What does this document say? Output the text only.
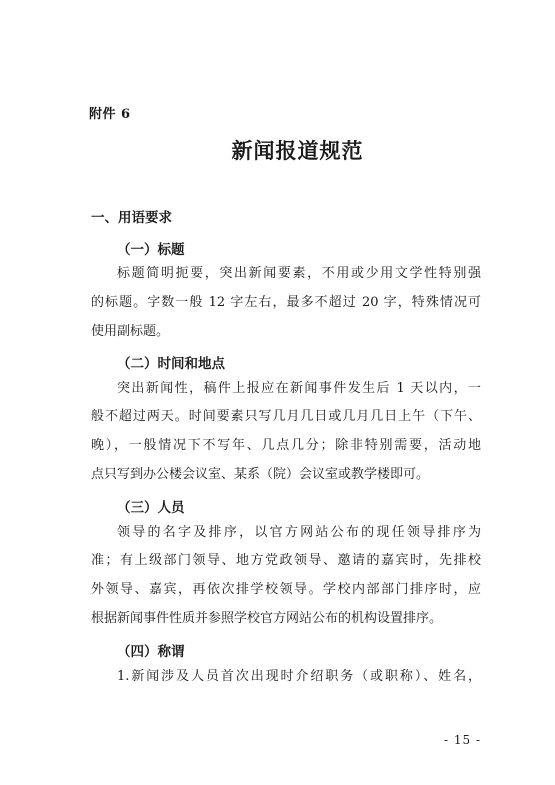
附件 6
新闻报道规范
一、用语要求
（一）标题
标题简明扼要，突出新闻要素，不用或少用文学性特别强
的标题。字数一般 12 字左右，最多不超过 20 字，特殊情况可
使用副标题。
（二）时间和地点
突出新闻性，稿件上报应在新闻事件发生后 1 天以内，一
般不超过两天。时间要素只写几月几日或几月几日上午（下午、
晚），一般情况下不写年、几点几分；除非特别需要，活动地
点只写到办公楼会议室、某系（院）会议室或教学楼即可。
（三）人员
领导的名字及排序，以官方网站公布的现任领导排序为
准；有上级部门领导、地方党政领导、邀请的嘉宾时，先排校
外领导、嘉宾，再依次排学校领导。学校内部部门排序时，应
根据新闻事件性质并参照学校官方网站公布的机构设置排序。
（四）称谓
1.新闻涉及人员首次出现时介绍职务（或职称）、姓名，
- 15 -
